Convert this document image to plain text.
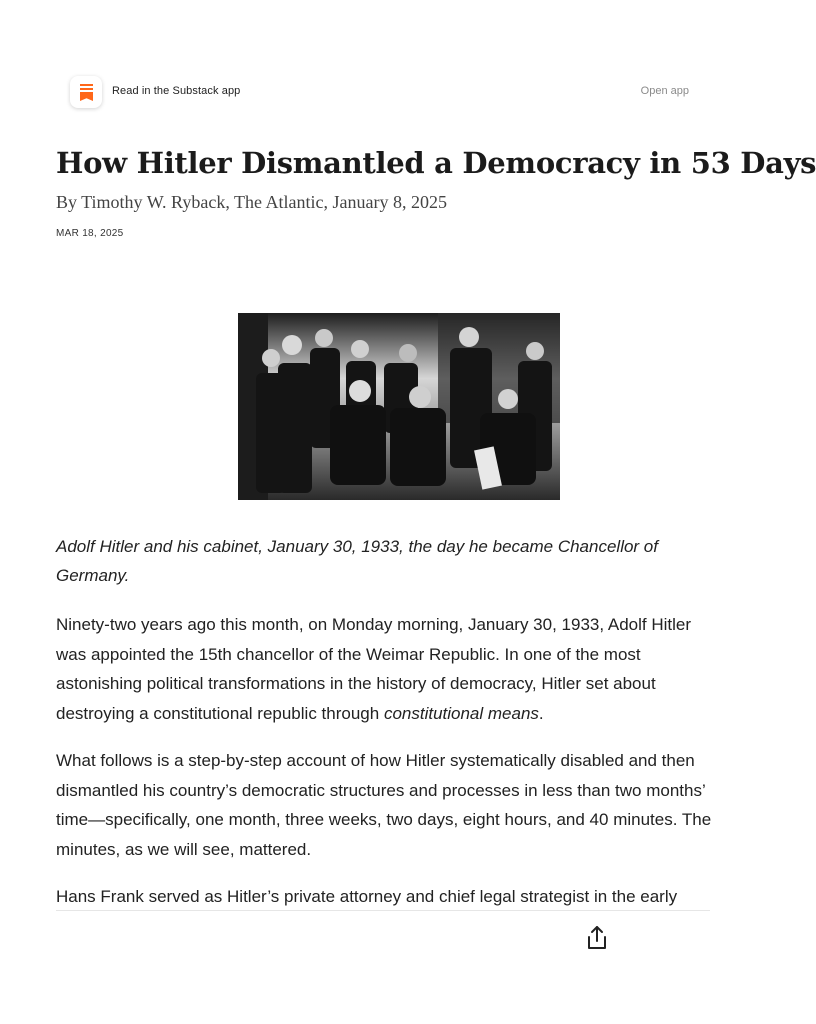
Read in the Substack app	Open app
How Hitler Dismantled a Democracy in 53 Days

By Timothy W. Ryback, The Atlantic, January 8, 2025

MAR 18, 2025

Adolf Hitler and his cabinet, January 30, 1933, the day he became Chancellor of Germany.

Ninety-two years ago this month, on Monday morning, January 30, 1933, Adolf Hitler
was appointed the 15th chancellor of the Weimar Republic. In one of the most
astonishing political transformations in the history of democracy, Hitler set about
destroying a constitutional republic through constitutional means.

What follows is a step-by-step account of how Hitler systematically disabled and then
dismantled his country’s democratic structures and processes in less than two months’
time—specifically, one month, three weeks, two days, eight hours, and 40 minutes. The
minutes, as we will see, mattered.

Hans Frank served as Hitler’s private attorney and chief legal strategist in the early
